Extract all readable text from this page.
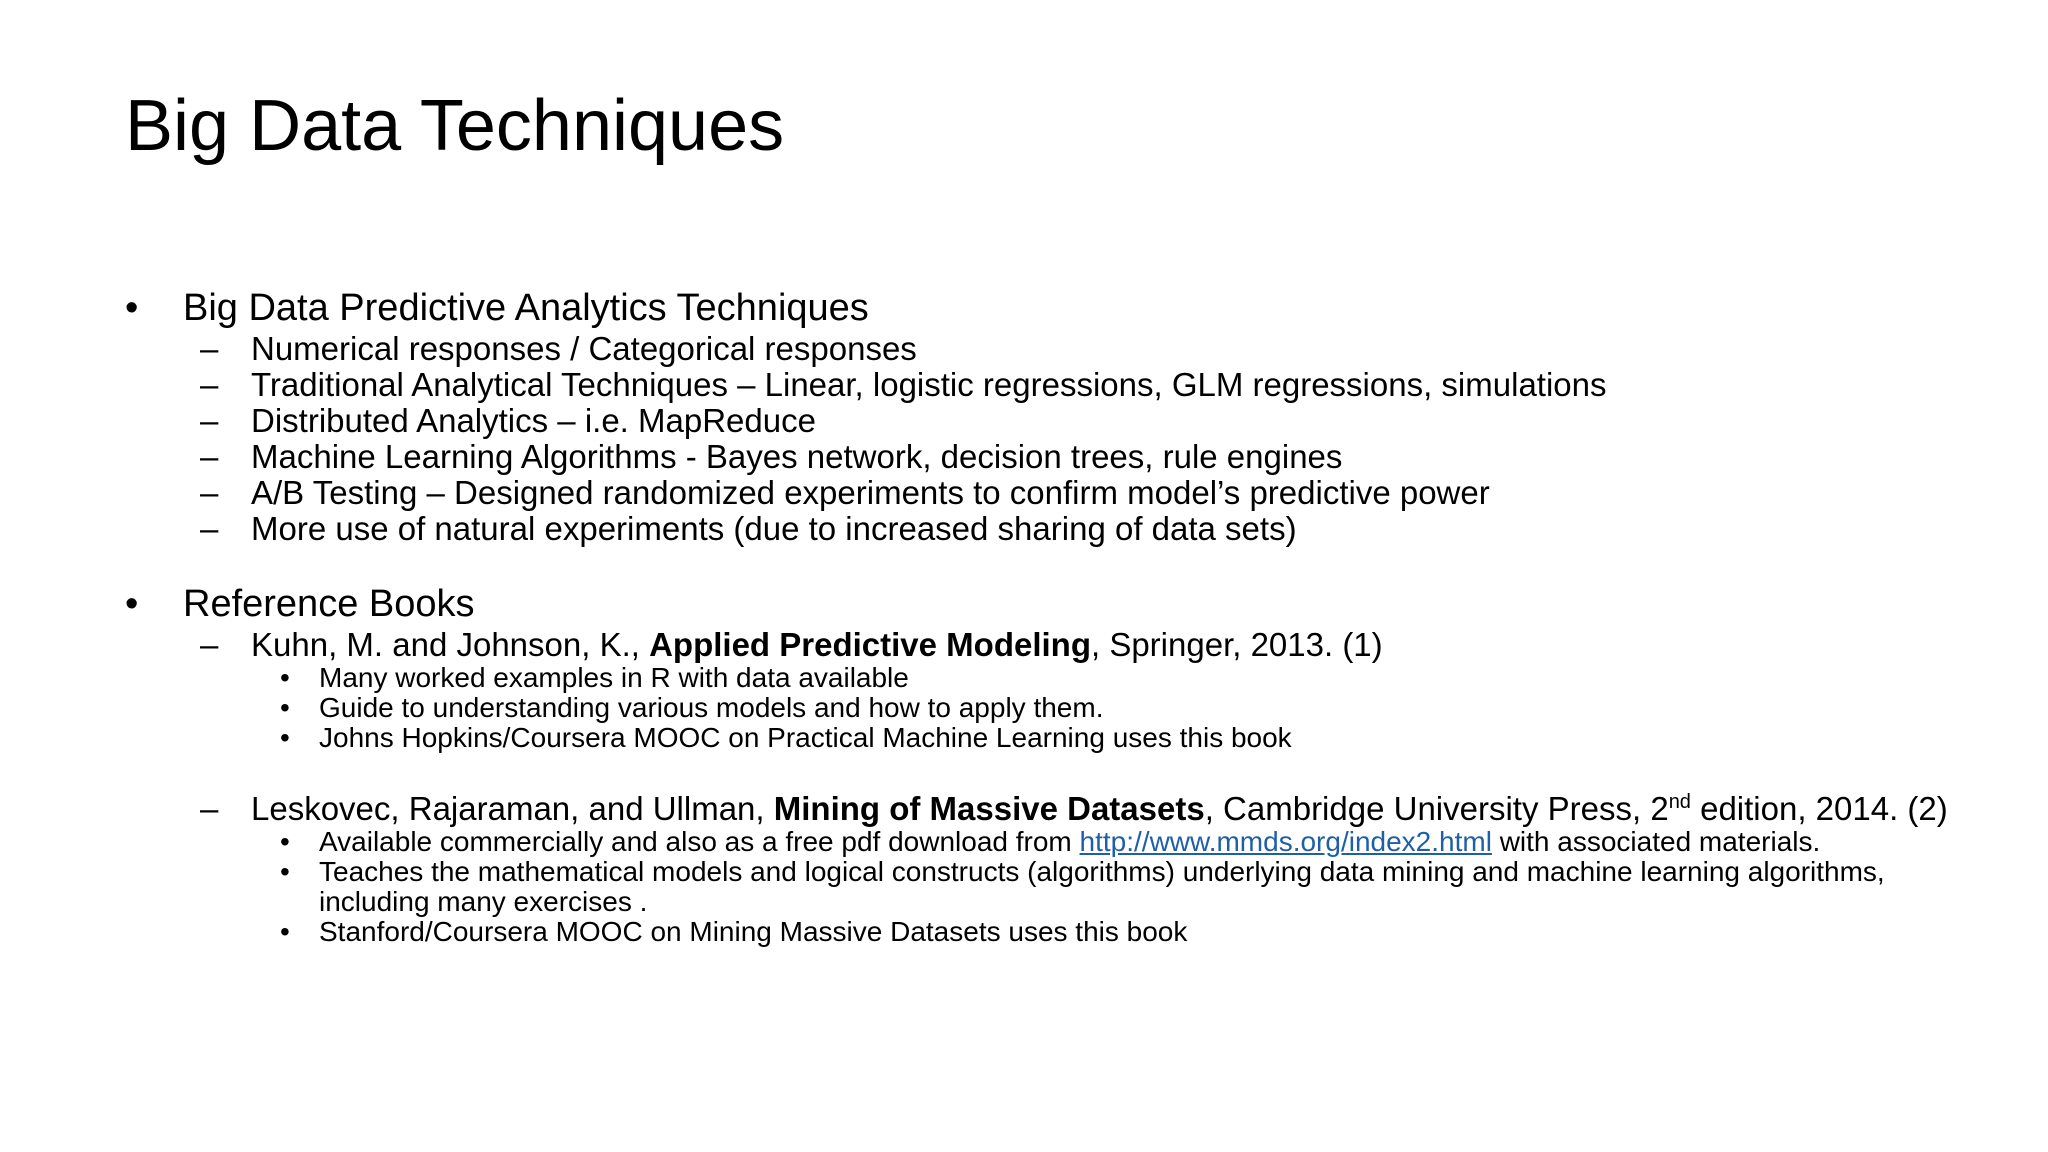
Big Data Techniques
•	Big Data Predictive Analytics Techniques
– Numerical responses / Categorical responses
– Traditional Analytical Techniques – Linear, logistic regressions, GLM regressions, simulations
– Distributed Analytics – i.e. MapReduce
– Machine Learning Algorithms - Bayes network, decision trees, rule engines
– A/B Testing – Designed randomized experiments to confirm model’s predictive power
– More use of natural experiments (due to increased sharing of data sets)
•	Reference Books
– Kuhn, M. and Johnson, K., Applied Predictive Modeling, Springer, 2013. (1)
• Many worked examples in R with data available
• Guide to understanding various models and how to apply them.
• Johns Hopkins/Coursera MOOC on Practical Machine Learning uses this book
– Leskovec, Rajaraman, and Ullman, Mining of Massive Datasets, Cambridge University Press, 2nd edition, 2014. (2)
• Available commercially and also as a free pdf download from http://www.mmds.org/index2.html with associated materials.
• Teaches the mathematical models and logical constructs (algorithms) underlying data mining and machine learning algorithms, including many exercises .
• Stanford/Coursera MOOC on Mining Massive Datasets uses this book
